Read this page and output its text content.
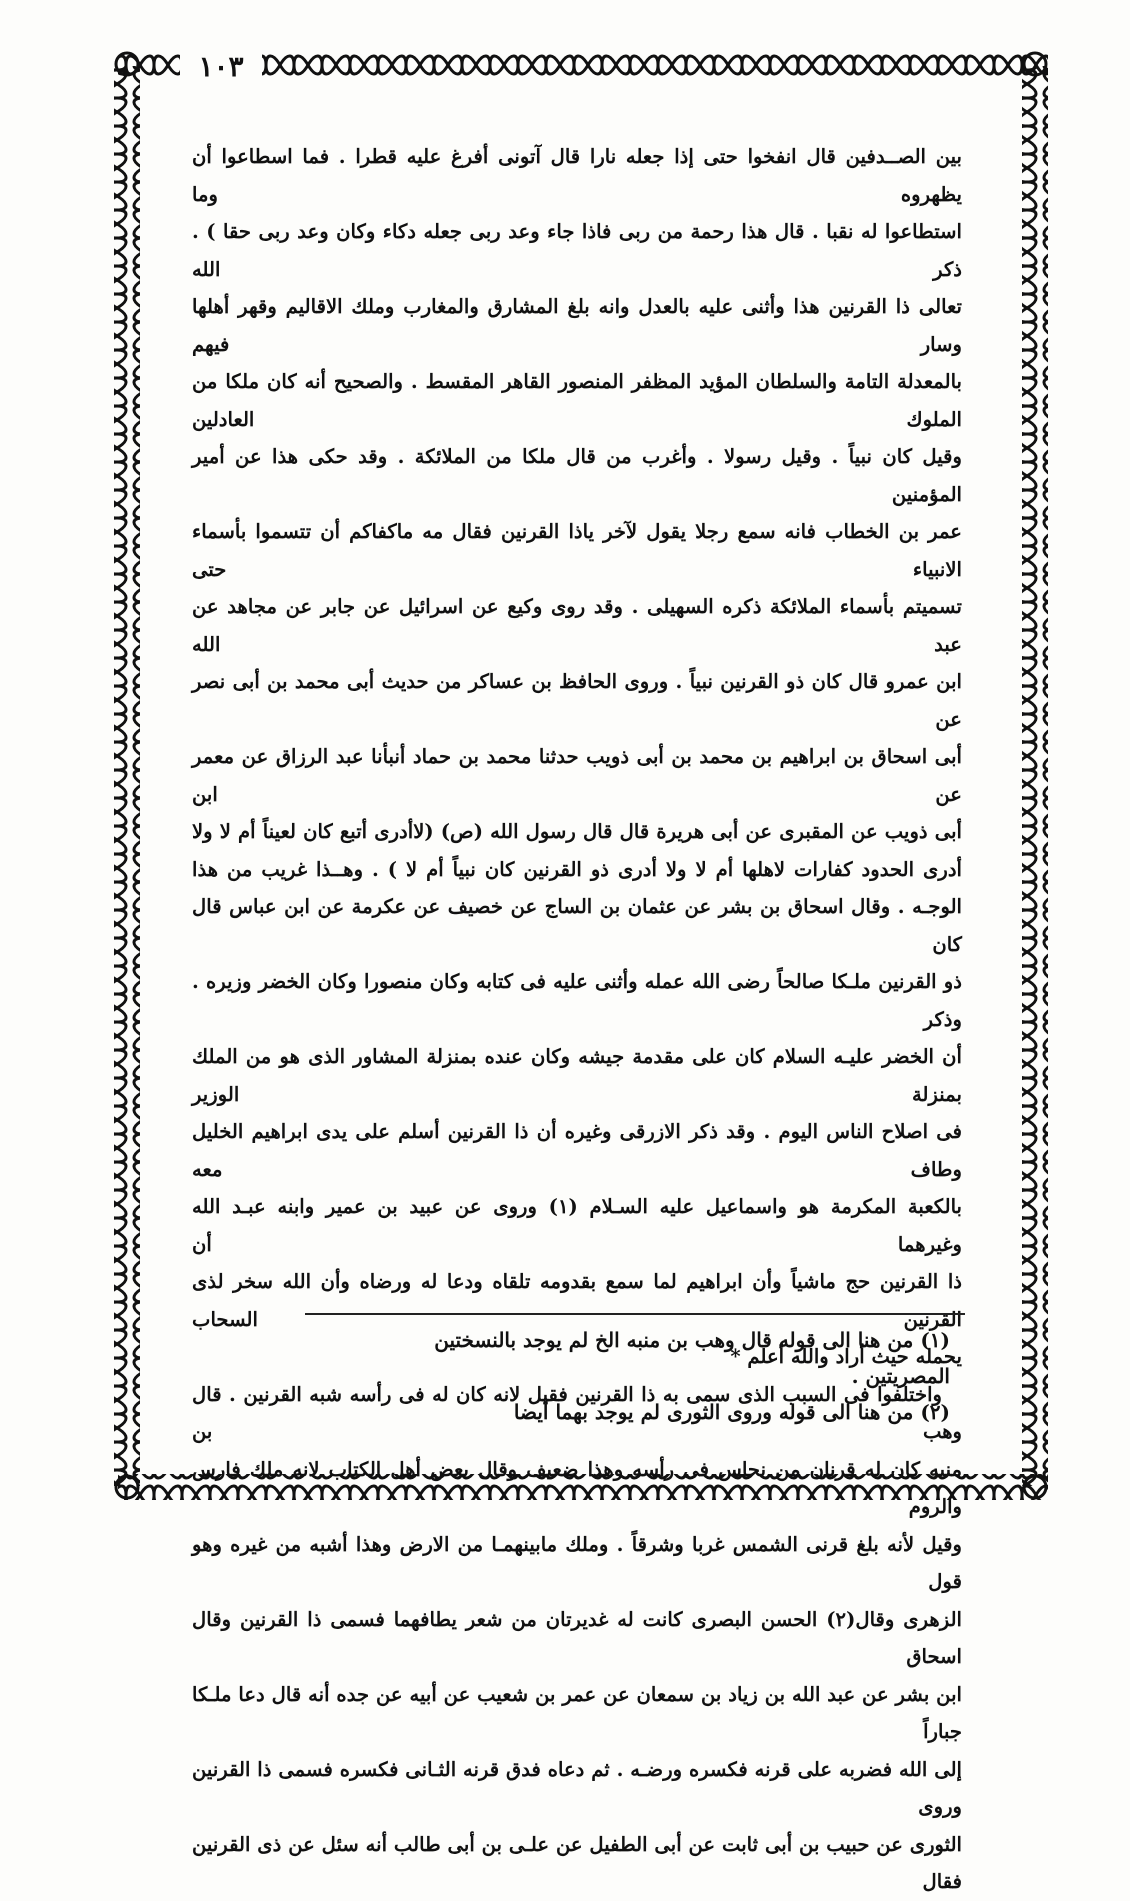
١٠٣

بين الصــدفين قال انفخوا حتى إذا جعله نارا قال آتونى أفرغ عليه قطرا . فما اسطاعوا أن يظهروه وما

استطاعوا له نقبا . قال هذا رحمة من ربى فاذا جاء وعد ربى جعله دكاء وكان وعد ربى حقا ) . ذكر الله

تعالى ذا القرنين هذا وأثنى عليه بالعدل وانه بلغ المشارق والمغارب وملك الاقاليم وقهر أهلها وسار فيهم

بالمعدلة التامة والسلطان المؤيد المظفر المنصور القاهر المقسط . والصحيح أنه كان ملكا من الملوك العادلين

وقيل كان نبياً . وقيل رسولا . وأغرب من قال ملكا من الملائكة . وقد حكى هذا عن أمير المؤمنين

عمر بن الخطاب فانه سمع رجلا يقول لآخر ياذا القرنين فقال مه ماكفاكم أن تتسموا بأسماء الانبياء حتى

تسميتم بأسماء الملائكة ذكره السهيلى . وقد روى وكيع عن اسرائيل عن جابر عن مجاهد عن عبد الله

ابن عمرو قال كان ذو القرنين نبياً . وروى الحافظ بن عساكر من حديث أبى محمد بن أبى نصر عن

أبى اسحاق بن ابراهيم بن محمد بن أبى ذويب حدثنا محمد بن حماد أنبأنا عبد الرزاق عن معمر عن ابن

أبى ذويب عن المقبرى عن أبى هريرة قال قال رسول الله (ص) (لاأدرى أتبع كان لعيناً أم لا ولا

أدرى الحدود كفارات لاهلها أم لا ولا أدرى ذو القرنين كان نبياً أم لا ) . وهــذا غريب من هذا

الوجـه . وقال اسحاق بن بشر عن عثمان بن الساج عن خصيف عن عكرمة عن ابن عباس قال كان

ذو القرنين ملـكا صالحاً رضى الله عمله وأثنى عليه فى كتابه وكان منصورا وكان الخضر وزيره . وذكر

أن الخضر عليـه السلام كان على مقدمة جيشه وكان عنده بمنزلة المشاور الذى هو من الملك بمنزلة الوزير

فى اصلاح الناس اليوم . وقد ذكر الازرقى وغيره أن ذا القرنين أسلم على يدى ابراهيم الخليل وطاف معه

بالكعبة المكرمة هو واسماعيل عليه السـلام (١) وروى عن عبيد بن عمير وابنه عبـد الله وغيرهما أن

ذا القرنين حج ماشياً وأن ابراهيم لما سمع بقدومه تلقاه ودعا له ورضاه وأن الله سخر لذى القرنين السحاب

يحمله حيث أراد والله أعلم *

واختلفوا فى السبب الذى سمى به ذا القرنين فقيل لانه كان له فى رأسه شبه القرنين . قال وهب بن

منبه كان له قرنان من نحاس فى رأسه وهذا ضعيف وقال بعض أهل الكتاب لانه ملك فارس والروم

وقيل لأنه بلغ قرنى الشمس غربا وشرقاً . وملك مابينهمـا من الارض وهذا أشبه من غيره وهو قول

الزهرى وقال(٢) الحسن البصرى كانت له غديرتان من شعر يطافهما فسمى ذا القرنين وقال اسحاق

ابن بشر عن عبد الله بن زياد بن سمعان عن عمر بن شعيب عن أبيه عن جده أنه قال دعا ملـكا جباراً

إلى الله فضربه على قرنه فكسره ورضـه . ثم دعاه فدق قرنه الثـانى فكسره فسمى ذا القرنين وروى

الثورى عن حبيب بن أبى ثابت عن أبى الطفيل عن علـى بن أبى طالب أنه سئل عن ذى القرنين فقال

(١) من هنا الى قوله قال وهب بن منبه الخ لم يوجد بالنسختين المصريتين .

(٢) من هنا الى قوله وروى الثورى لم يوجد بهما أيضا
